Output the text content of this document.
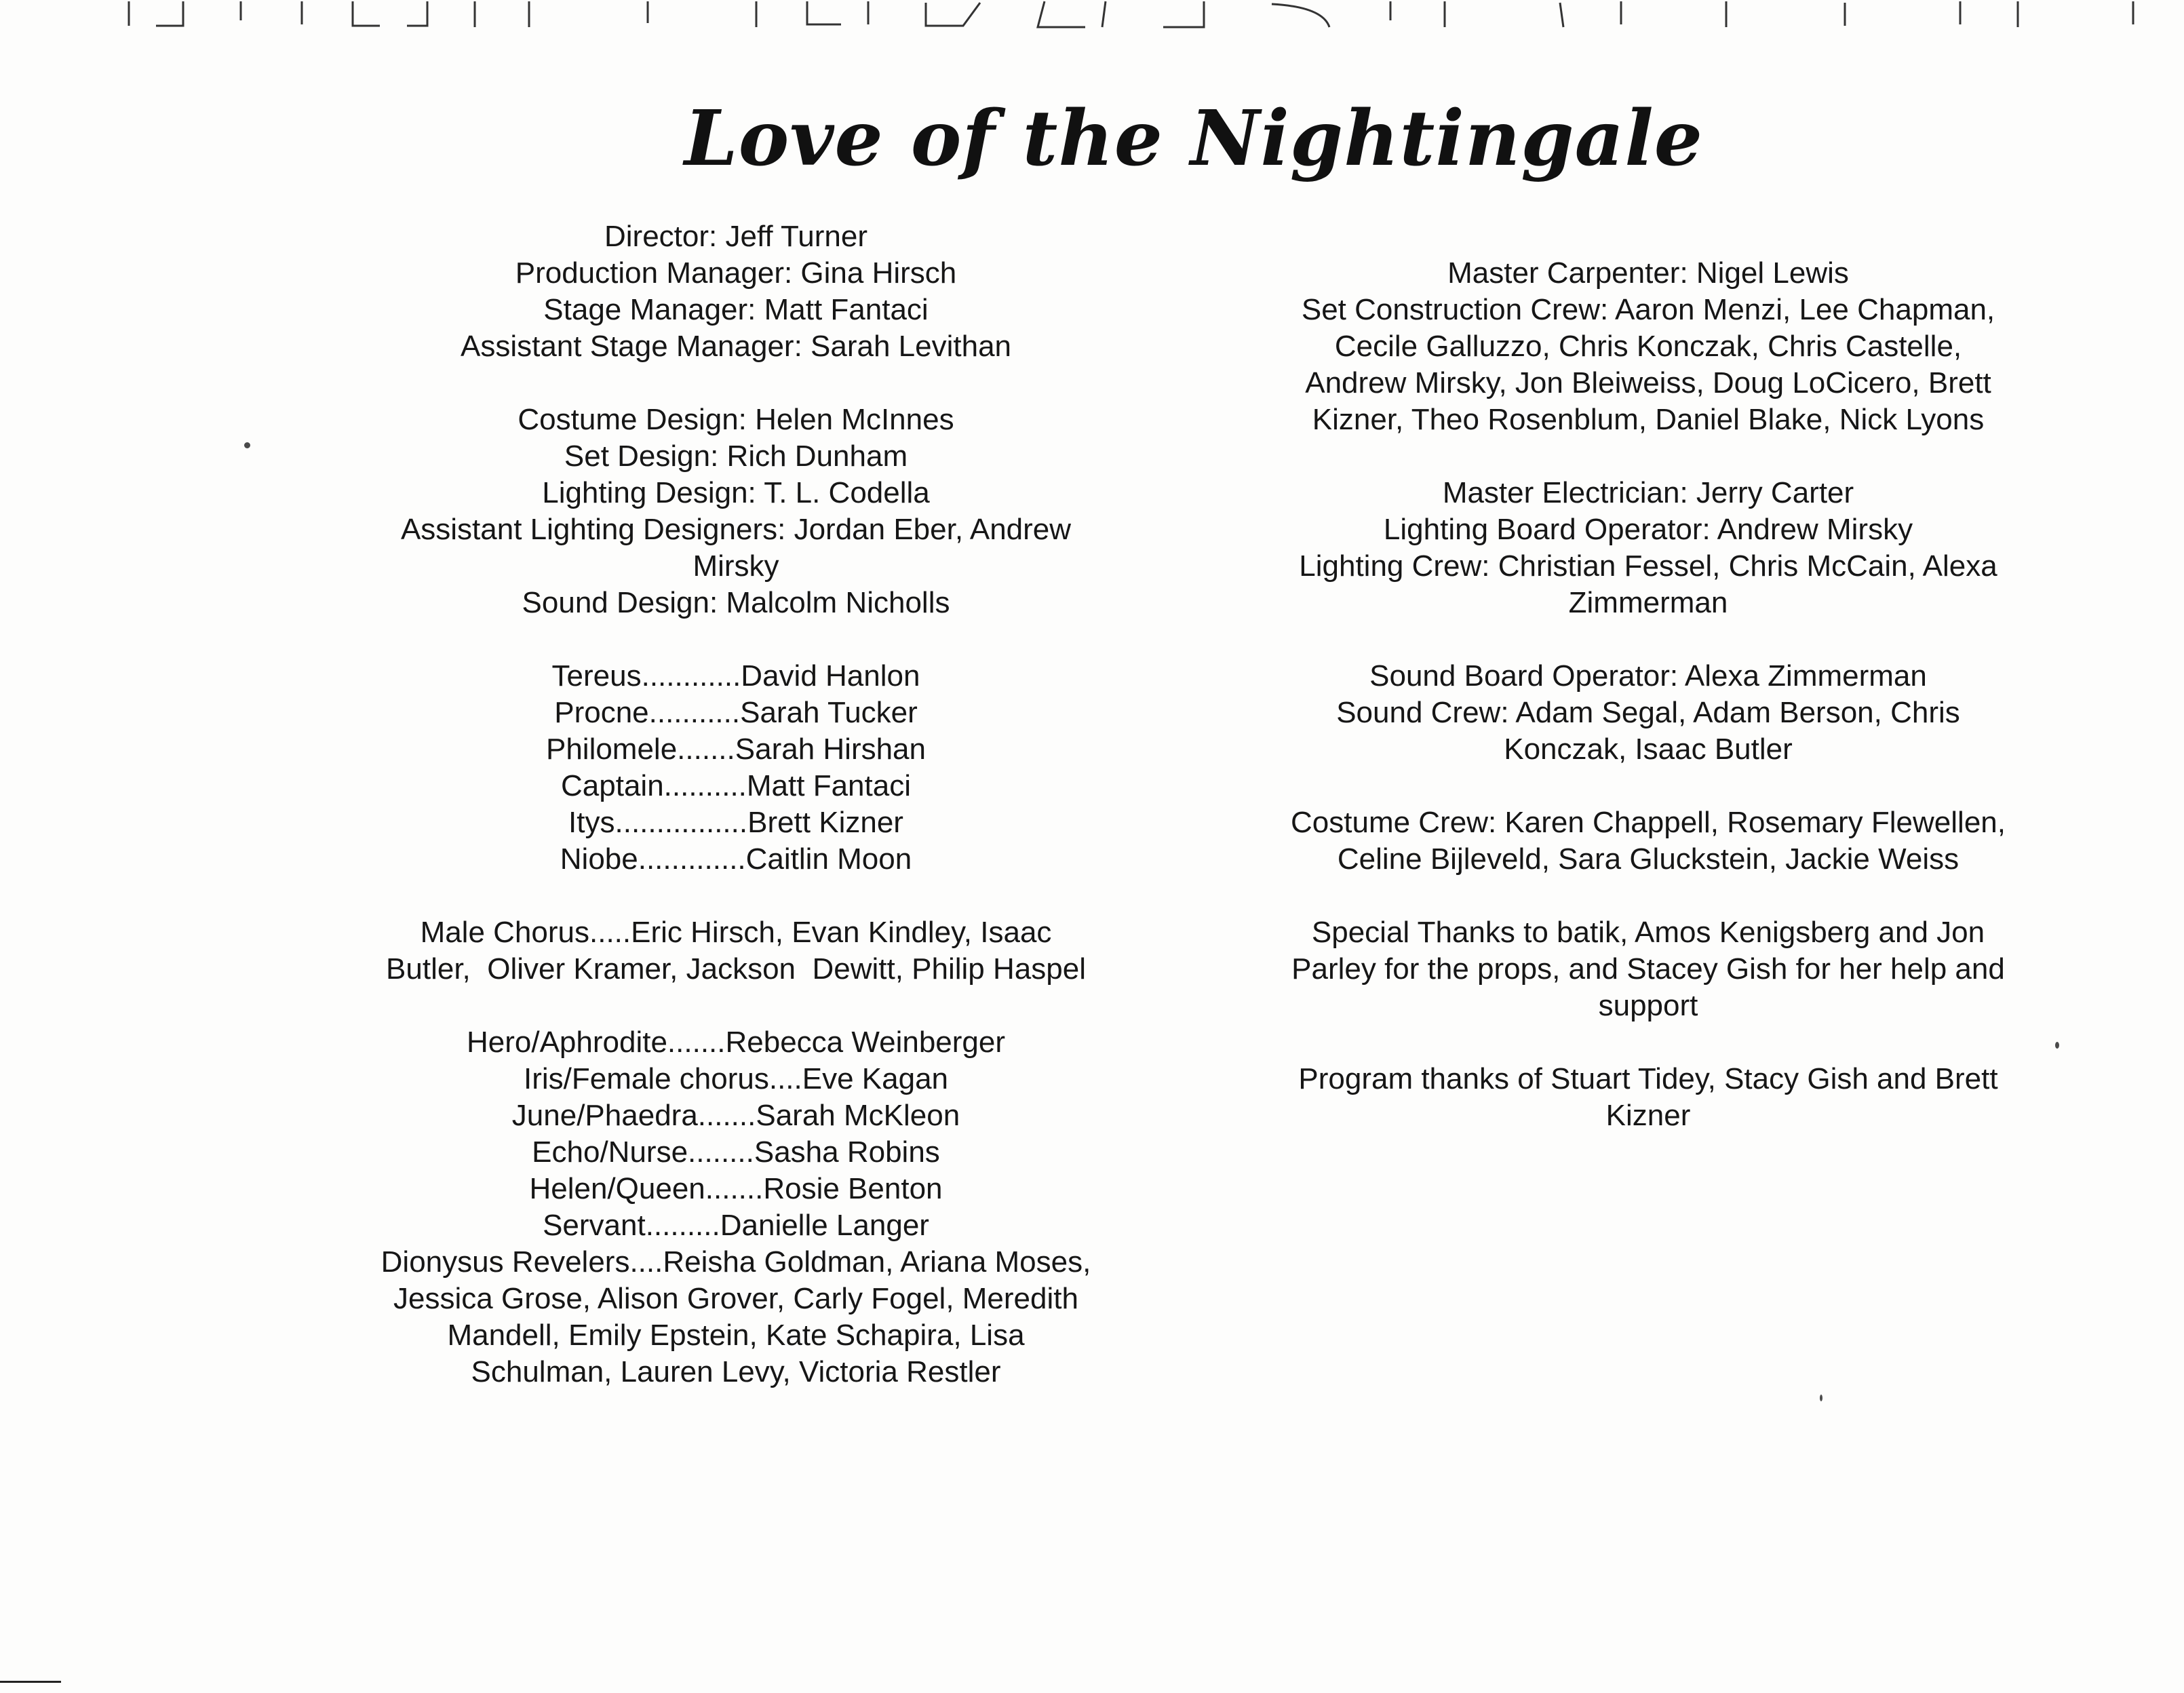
Love of the Nightingale
Director: Jeff Turner
Production Manager: Gina Hirsch
Stage Manager: Matt Fantaci
Assistant Stage Manager: Sarah Levithan
Costume Design: Helen McInnes
Set Design: Rich Dunham
Lighting Design: T. L. Codella
Assistant Lighting Designers: Jordan Eber, Andrew
Mirsky
Sound Design: Malcolm Nicholls
Tereus............David Hanlon
Procne...........Sarah Tucker
Philomele.......Sarah Hirshan
Captain..........Matt Fantaci
Itys................Brett Kizner
Niobe.............Caitlin Moon
Male Chorus.....Eric Hirsch, Evan Kindley, Isaac
Butler,  Oliver Kramer, Jackson  Dewitt, Philip Haspel
Hero/Aphrodite.......Rebecca Weinberger
Iris/Female chorus....Eve Kagan
June/Phaedra.......Sarah McKleon
Echo/Nurse........Sasha Robins
Helen/Queen.......Rosie Benton
Servant.........Danielle Langer
Dionysus Revelers....Reisha Goldman, Ariana Moses,
Jessica Grose, Alison Grover, Carly Fogel, Meredith
Mandell, Emily Epstein, Kate Schapira, Lisa
Schulman, Lauren Levy, Victoria Restler
Master Carpenter: Nigel Lewis
Set Construction Crew: Aaron Menzi, Lee Chapman,
Cecile Galluzzo, Chris Konczak, Chris Castelle,
Andrew Mirsky, Jon Bleiweiss, Doug LoCicero, Brett
Kizner, Theo Rosenblum, Daniel Blake, Nick Lyons
Master Electrician: Jerry Carter
Lighting Board Operator: Andrew Mirsky
Lighting Crew: Christian Fessel, Chris McCain, Alexa
Zimmerman
Sound Board Operator: Alexa Zimmerman
Sound Crew: Adam Segal, Adam Berson, Chris
Konczak, Isaac Butler
Costume Crew: Karen Chappell, Rosemary Flewellen,
Celine Bijleveld, Sara Gluckstein, Jackie Weiss
Special Thanks to batik, Amos Kenigsberg and Jon
Parley for the props, and Stacey Gish for her help and
support
Program thanks of Stuart Tidey, Stacy Gish and Brett
Kizner
